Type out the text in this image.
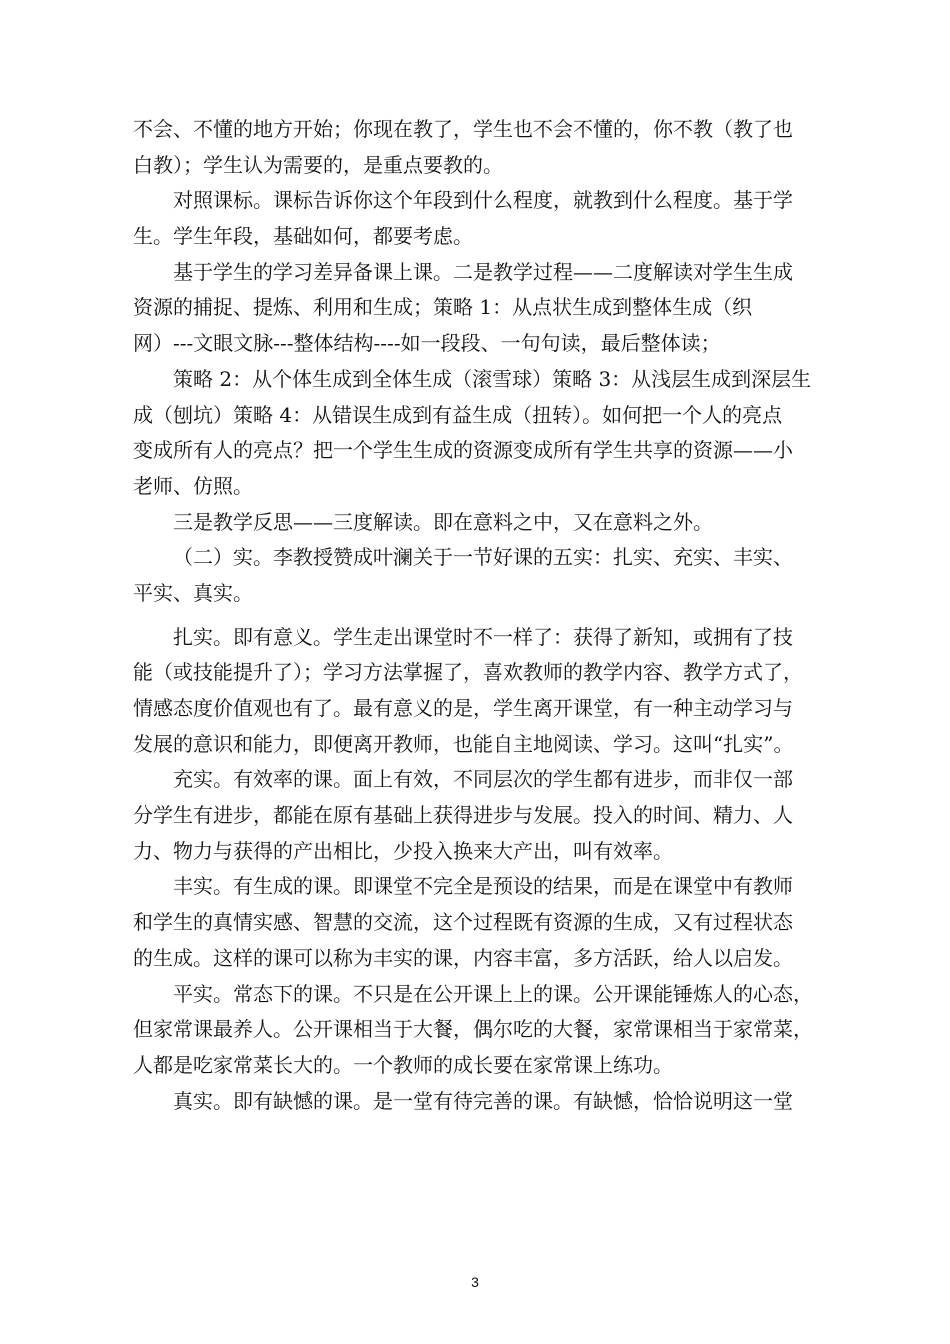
不会、不懂的地方开始；你现在教了，学生也不会不懂的，你不教（教了也
白教）；学生认为需要的，是重点要教的。
对照课标。课标告诉你这个年段到什么程度，就教到什么程度。基于学
生。学生年段，基础如何，都要考虑。
基于学生的学习差异备课上课。二是教学过程——二度解读对学生生成
资源的捕捉、提炼、利用和生成；策略 1：从点状生成到整体生成（织
网）---文眼文脉---整体结构----如一段段、一句句读，最后整体读；
策略 2：从个体生成到全体生成（滚雪球）策略 3：从浅层生成到深层生
成（刨坑）策略 4：从错误生成到有益生成（扭转）。如何把一个人的亮点
变成所有人的亮点？把一个学生生成的资源变成所有学生共享的资源——小
老师、仿照。
三是教学反思——三度解读。即在意料之中，又在意料之外。
（二）实。李教授赞成叶澜关于一节好课的五实：扎实、充实、丰实、
平实、真实。
扎实。即有意义。学生走出课堂时不一样了：获得了新知，或拥有了技
能（或技能提升了）；学习方法掌握了，喜欢教师的教学内容、教学方式了，
情感态度价值观也有了。最有意义的是，学生离开课堂，有一种主动学习与
发展的意识和能力，即便离开教师，也能自主地阅读、学习。这叫“扎实”。
充实。有效率的课。面上有效，不同层次的学生都有进步，而非仅一部
分学生有进步，都能在原有基础上获得进步与发展。投入的时间、精力、人
力、物力与获得的产出相比，少投入换来大产出，叫有效率。
丰实。有生成的课。即课堂不完全是预设的结果，而是在课堂中有教师
和学生的真情实感、智慧的交流，这个过程既有资源的生成，又有过程状态
的生成。这样的课可以称为丰实的课，内容丰富，多方活跃，给人以启发。
平实。常态下的课。不只是在公开课上上的课。公开课能锤炼人的心态，
但家常课最养人。公开课相当于大餐，偶尔吃的大餐，家常课相当于家常菜，
人都是吃家常菜长大的。一个教师的成长要在家常课上练功。
真实。即有缺憾的课。是一堂有待完善的课。有缺憾，恰恰说明这一堂
3
